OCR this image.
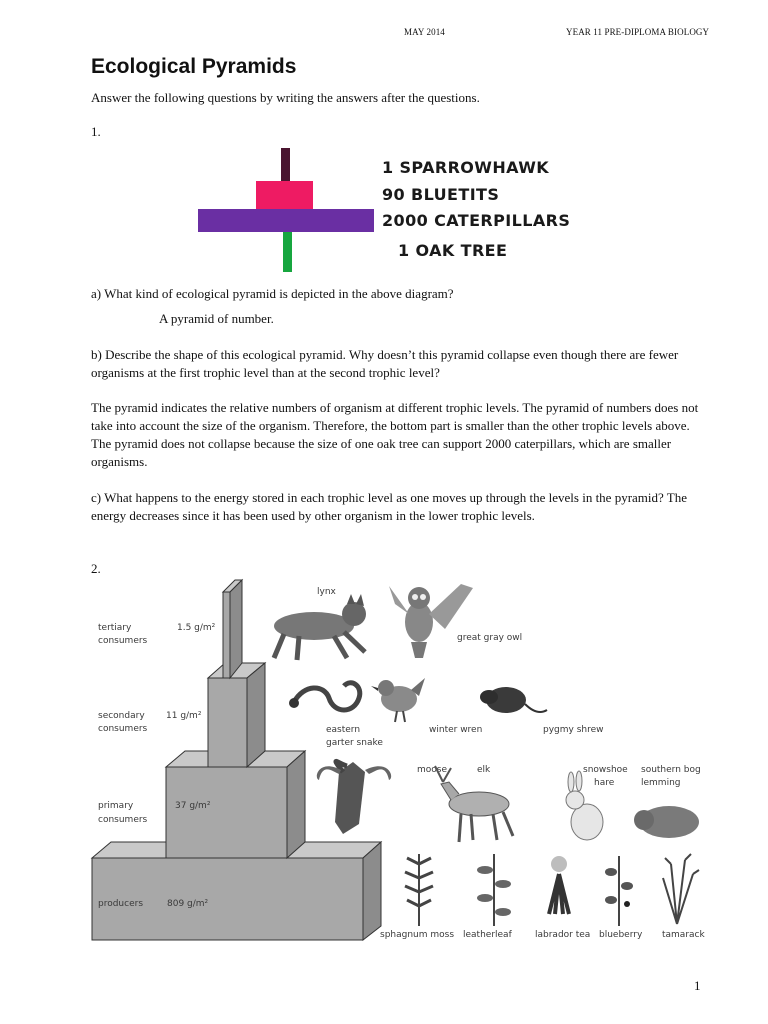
MAY 2014	YEAR 11 PRE-DIPLOMA BIOLOGY
Ecological Pyramids

Answer the following questions by writing the answers after the questions.

1.

1 SPARROWHAWK
90 BLUETITS
2000 CATERPILLARS
1 OAK TREE

a) What kind of ecological pyramid is depicted in the above diagram?

A pyramid of number.

b) Describe the shape of this ecological pyramid. Why doesn’t this pyramid collapse even though there are fewer organisms at the first trophic level than at the second trophic level?

The pyramid indicates the relative numbers of organism at different trophic levels. The pyramid of numbers does not take into account the size of the organism. Therefore, the bottom part is smaller than the other trophic levels above. The pyramid does not collapse because the size of one oak tree can support 2000 caterpillars, which are smaller organisms.

c) What happens to the energy stored in each trophic level as one moves up through the levels in the pyramid? The energy decreases since it has been used by other organism in the lower trophic levels.

2.

tertiary
consumers
1.5 g/m²
secondary
consumers
11 g/m²
primary
consumers
37 g/m²
producers	809 g/m²
lynx
great gray owl
eastern
garter snake
winter wren	pygmy shrew
moose	elk	snowshoe
hare
southern bog
lemming
sphagnum moss leatherleaf	labrador tea blueberry tamarack
1
